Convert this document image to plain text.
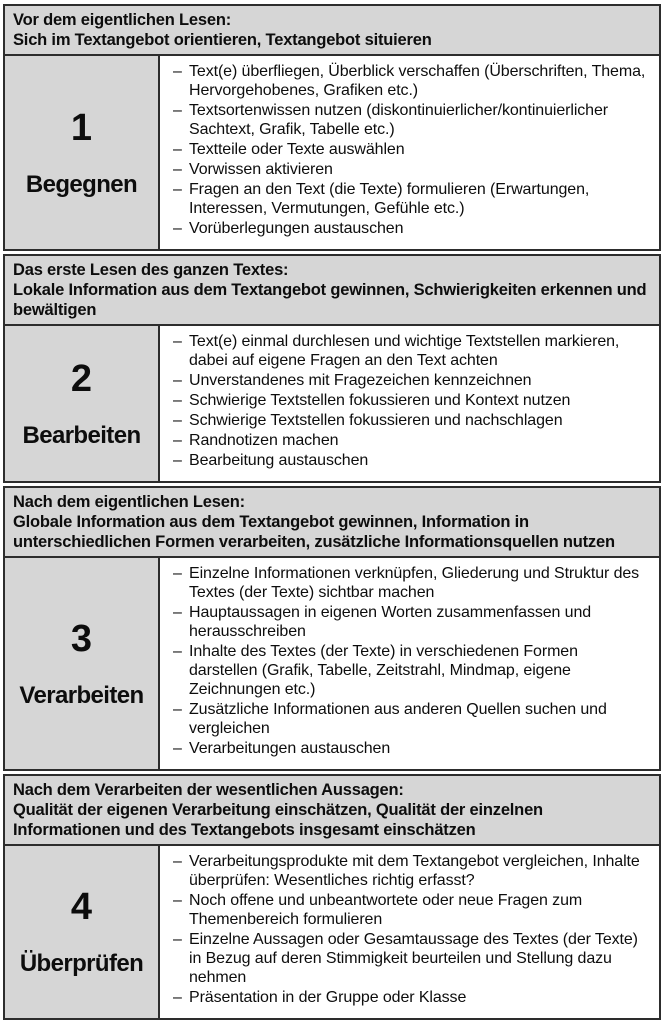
Vor dem eigentlichen Lesen:
Sich im Textangebot orientieren, Textangebot situieren
1
Begegnen
– Text(e) überfliegen, Überblick verschaffen (Überschriften, Thema, Hervorgehobenes, Grafiken etc.)
– Textsortenwissen nutzen (diskontinuierlicher/kontinuierlicher Sachtext, Grafik, Tabelle etc.)
– Textteile oder Texte auswählen
– Vorwissen aktivieren
– Fragen an den Text (die Texte) formulieren (Erwartungen, Interessen, Vermutungen, Gefühle etc.)
– Vorüberlegungen austauschen
Das erste Lesen des ganzen Textes:
Lokale Information aus dem Textangebot gewinnen, Schwierigkeiten erkennen und bewältigen
2
Bearbeiten
– Text(e) einmal durchlesen und wichtige Textstellen markieren, dabei auf eigene Fragen an den Text achten
– Unverstandenes mit Fragezeichen kennzeichnen
– Schwierige Textstellen fokussieren und Kontext nutzen
– Schwierige Textstellen fokussieren und nachschlagen
– Randnotizen machen
– Bearbeitung austauschen
Nach dem eigentlichen Lesen:
Globale Information aus dem Textangebot gewinnen, Information in unterschiedlichen Formen verarbeiten, zusätzliche Informationsquellen nutzen
3
Verarbeiten
– Einzelne Informationen verknüpfen, Gliederung und Struktur des Textes (der Texte) sichtbar machen
– Hauptaussagen in eigenen Worten zusammenfassen und herausschreiben
– Inhalte des Textes (der Texte) in verschiedenen Formen darstellen (Grafik, Tabelle, Zeitstrahl, Mindmap, eigene Zeichnungen etc.)
– Zusätzliche Informationen aus anderen Quellen suchen und vergleichen
– Verarbeitungen austauschen
Nach dem Verarbeiten der wesentlichen Aussagen:
Qualität der eigenen Verarbeitung einschätzen, Qualität der einzelnen Informationen und des Textangebots insgesamt einschätzen
4
Überprüfen
– Verarbeitungsprodukte mit dem Textangebot vergleichen, Inhalte überprüfen: Wesentliches richtig erfasst?
– Noch offene und unbeantwortete oder neue Fragen zum Themenbereich formulieren
– Einzelne Aussagen oder Gesamtaussage des Textes (der Texte) in Bezug auf deren Stimmigkeit beurteilen und Stellung dazu nehmen
– Präsentation in der Gruppe oder Klasse
